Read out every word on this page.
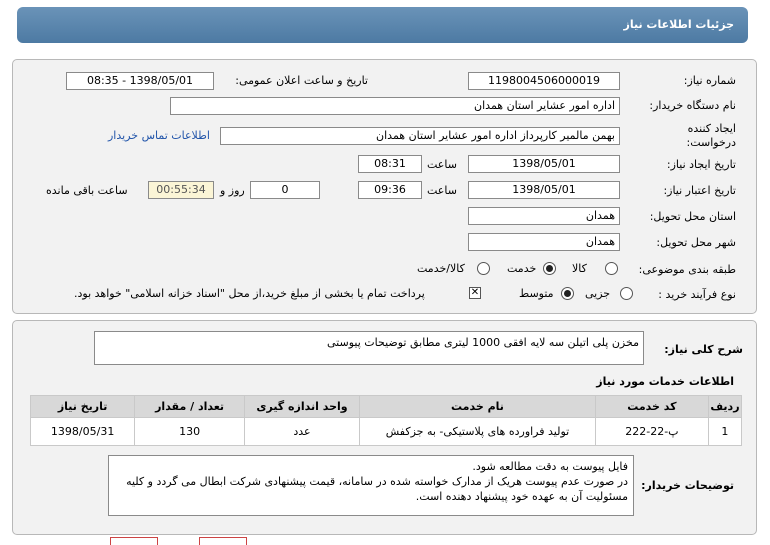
جزئیات اطلاعات نیاز
شماره نیاز:
1198004506000019
تاریخ و ساعت اعلان عمومی:
1398/05/01 - 08:35
نام دستگاه خریدار:
اداره امور عشایر استان همدان
ایجاد کننده
درخواست:
بهمن مالمیر کارپرداز اداره امور عشایر استان همدان
اطلاعات تماس خریدار
تاریخ ایجاد نیاز:
1398/05/01
ساعت
08:31
تاریخ اعتبار نیاز:
1398/05/01
ساعت
09:36
0
روز و
00:55:34
ساعت باقی مانده
استان محل تحویل:
همدان
شهر محل تحویل:
همدان
طبقه بندی موضوعی:
کالا
خدمت
کالا/خدمت
نوع فرآیند خرید :
جزیی
متوسط
✕
پرداخت تمام یا بخشی از مبلغ خرید،از محل "اسناد خزانه اسلامی" خواهد بود.
شرح کلی نیاز:
مخزن پلی اتیلن سه لایه افقی 1000 لیتری مطابق توضیحات پیوستی
اطلاعات خدمات مورد نیاز
ردیف	کد خدمت	نام خدمت	واحد اندازه گیری	تعداد / مقدار	تاریخ نیاز
1	پ-22-222	تولید فراورده های پلاستیکی- به جزکفش	عدد	130	1398/05/31
توضیحات خریدار:
فایل پیوست به دقت مطالعه شود.
در صورت عدم پیوست هریک از مدارک خواسته شده در سامانه، قیمت پیشنهادی شرکت ابطال می گردد و کلیه مسئولیت آن به عهده خود پیشنهاد دهنده است.
